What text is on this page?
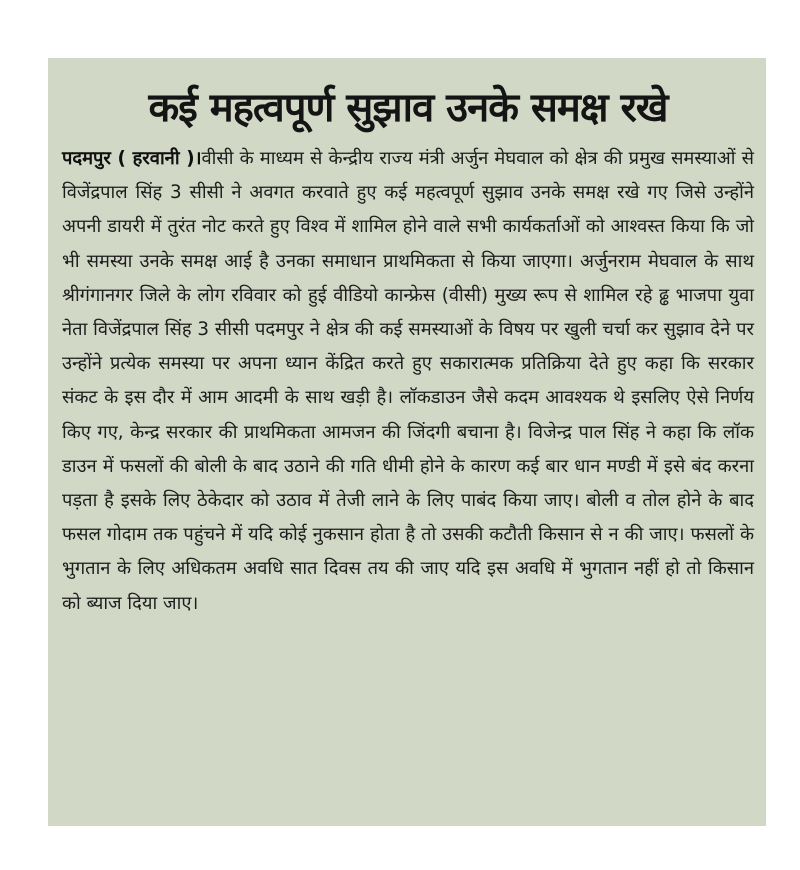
कई महत्वपूर्ण सुझाव उनके समक्ष रखे

पदमपुर ( हरवानी )।वीसी के माध्यम से केन्द्रीय राज्य मंत्री अर्जुन मेघवाल को क्षेत्र की प्रमुख समस्याओं से विजेंद्रपाल सिंह 3 सीसी ने अवगत करवाते हुए कई महत्वपूर्ण सुझाव उनके समक्ष रखे गए जिसे उन्होंने अपनी डायरी में तुरंत नोट करते हुए विश्व में शामिल होने वाले सभी कार्यकर्ताओं को आश्वस्त किया कि जो भी समस्या उनके समक्ष आई है उनका समाधान प्राथमिकता से किया जाएगा। अर्जुनराम मेघवाल के साथ श्रीगंगानगर जिले के लोग रविवार को हुई वीडियो कान्फ्रेस (वीसी) मुख्य रूप से शामिल रहे ढ्ढ भाजपा युवा नेता विजेंद्रपाल सिंह 3 सीसी पदमपुर ने क्षेत्र की कई समस्याओं के विषय पर खुली चर्चा कर सुझाव देने पर उन्होंने प्रत्येक समस्या पर अपना ध्यान केंद्रित करते हुए सकारात्मक प्रतिक्रिया देते हुए कहा कि सरकार संकट के इस दौर में आम आदमी के साथ खड़ी है। लॉकडाउन जैसे कदम आवश्यक थे इसलिए ऐसे निर्णय किए गए, केन्द्र सरकार की प्राथमिकता आमजन की जिंदगी बचाना है। विजेन्द्र पाल सिंह ने कहा कि लॉक डाउन में फसलों की बोली के बाद उठाने की गति धीमी होने के कारण कई बार धान मण्डी में इसे बंद करना पड़ता है इसके लिए ठेकेदार को उठाव में तेजी लाने के लिए पाबंद किया जाए। बोली व तोल होने के बाद फसल गोदाम तक पहुंचने में यदि कोई नुकसान होता है तो उसकी कटौती किसान से न की जाए। फसलों के भुगतान के लिए अधिकतम अवधि सात दिवस तय की जाए यदि इस अवधि में भुगतान नहीं हो तो किसान को ब्याज दिया जाए।
